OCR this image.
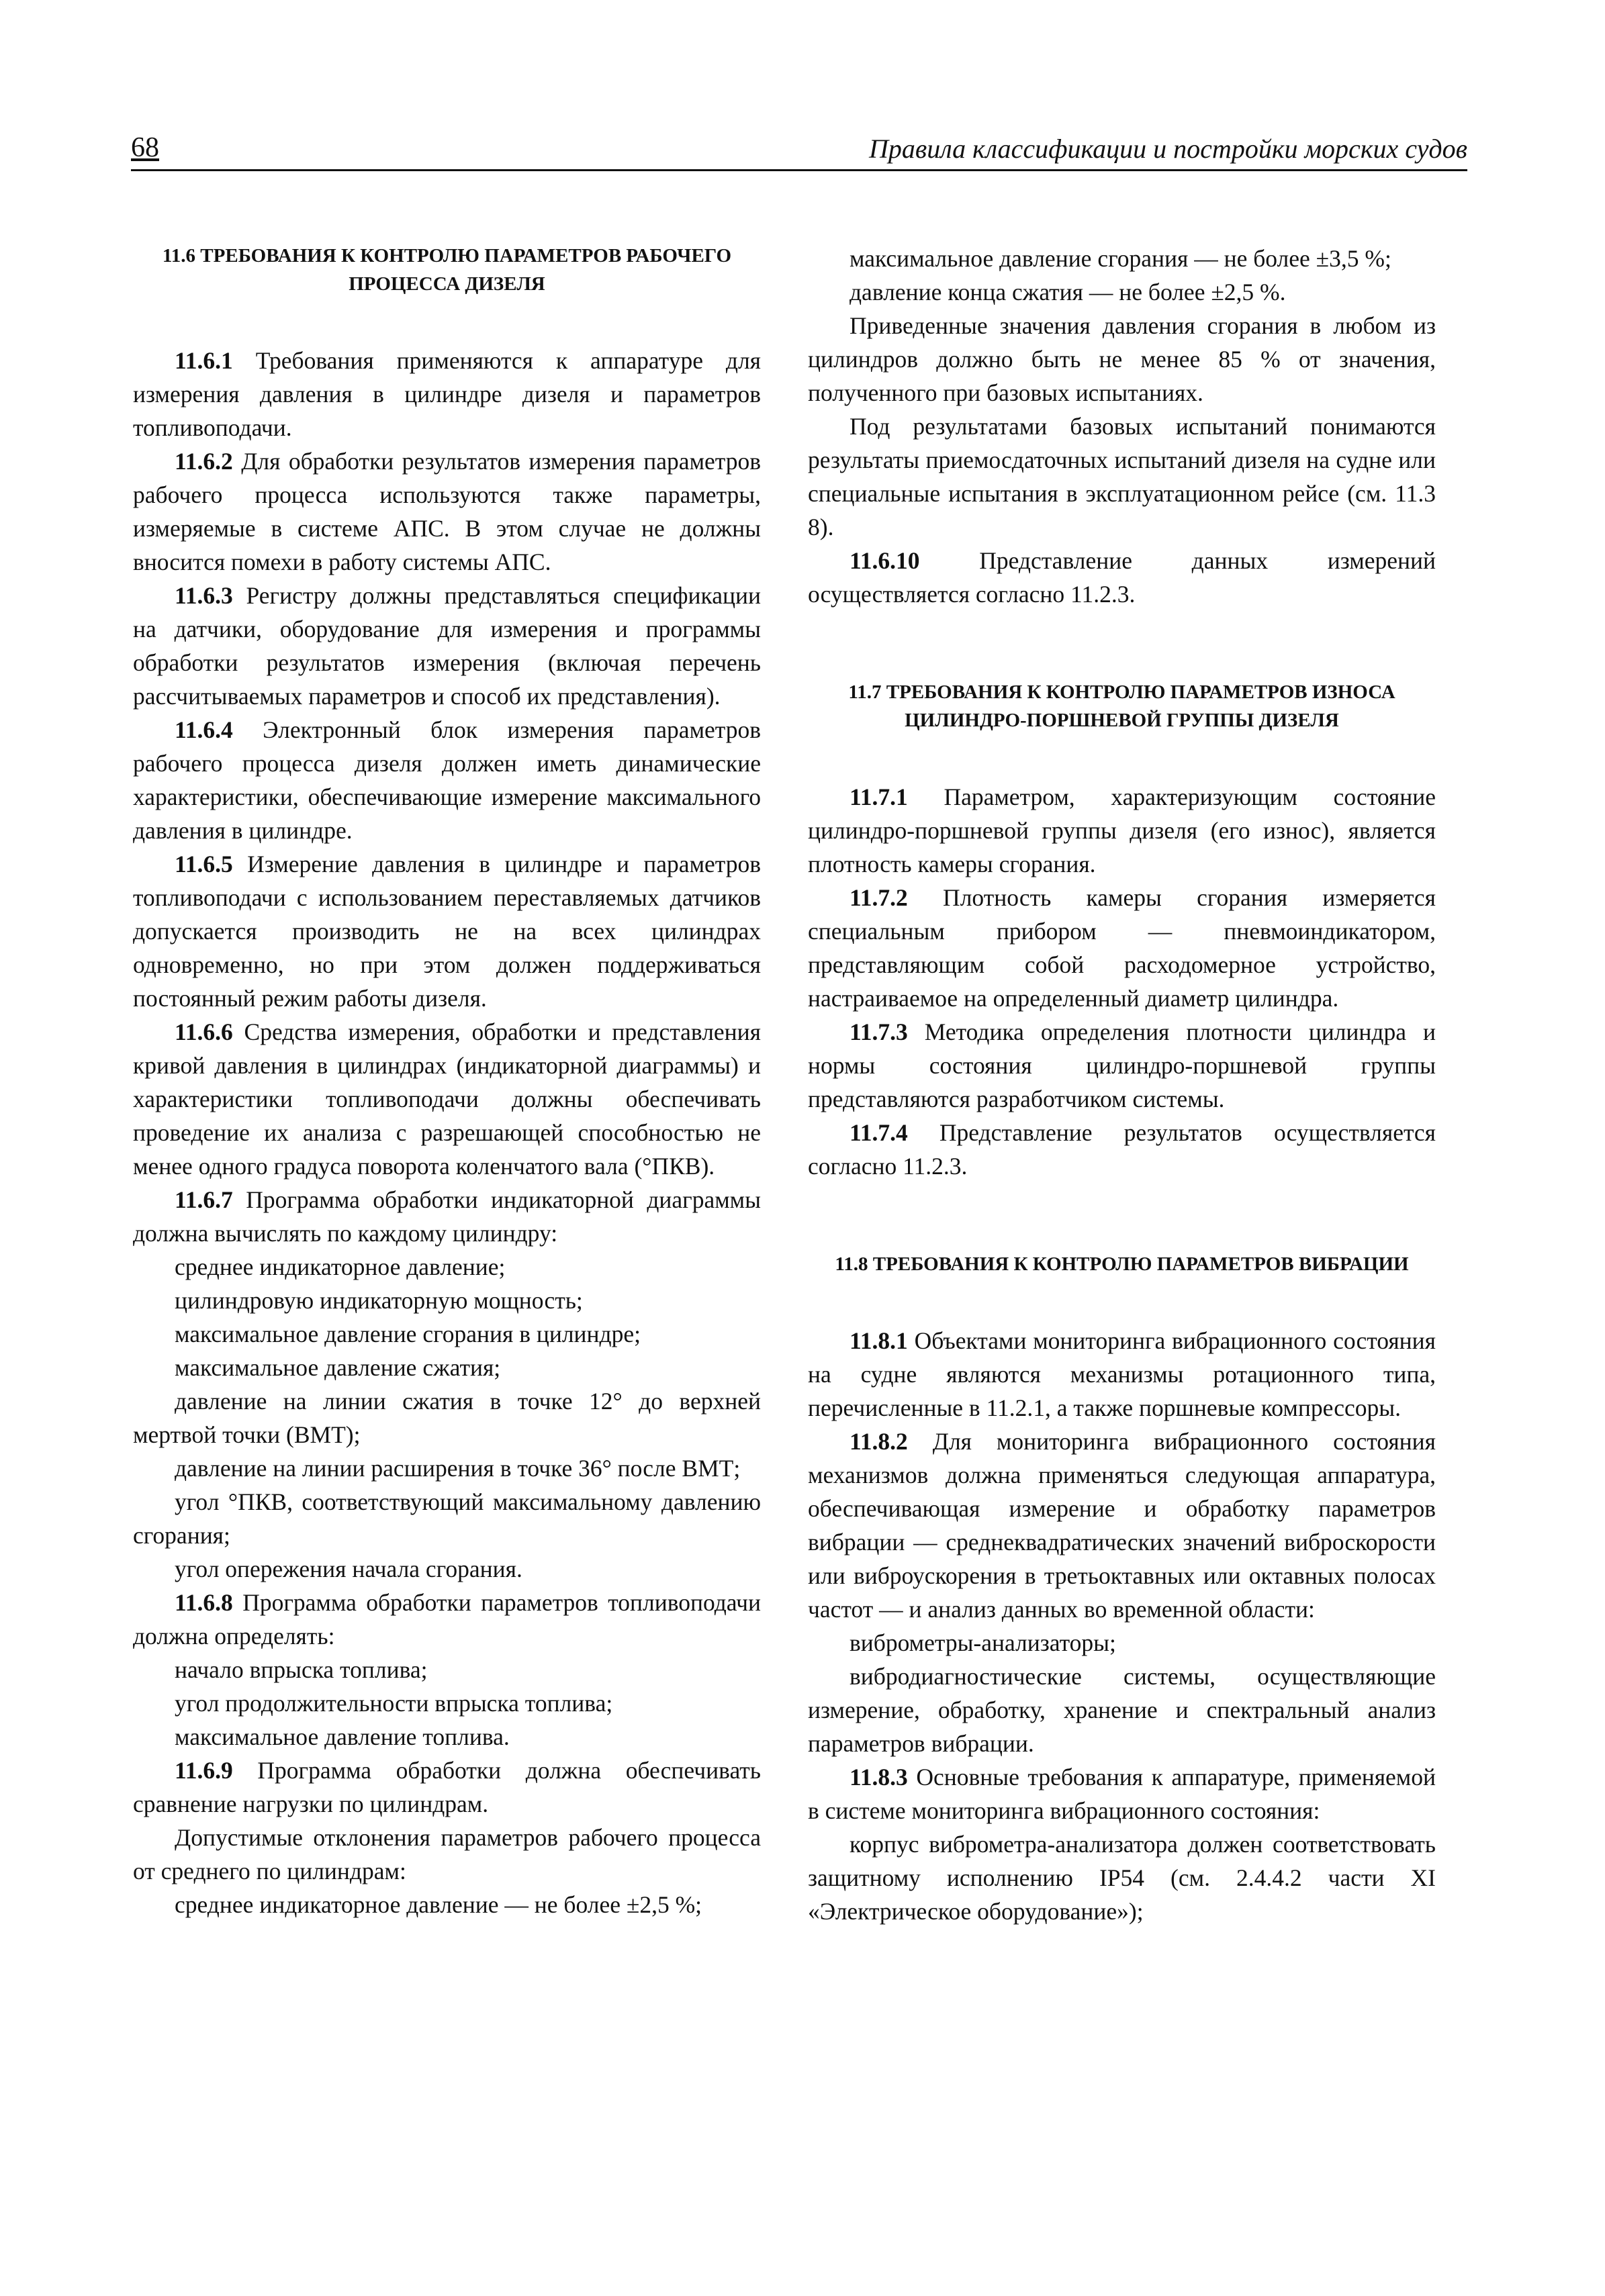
68	Правила классификации и постройки морских судов
11.6 ТРЕБОВАНИЯ К КОНТРОЛЮ ПАРАМЕТРОВ РАБОЧЕГО ПРОЦЕССА ДИЗЕЛЯ

11.6.1 Требования применяются к аппаратуре для измерения давления в цилиндре дизеля и параметров топливоподачи.

11.6.2 Для обработки результатов измерения параметров рабочего процесса используются также параметры, измеряемые в системе АПС. В этом случае не должны вносится помехи в работу системы АПС.

11.6.3 Регистру должны представляться спецификации на датчики, оборудование для измерения и программы обработки результатов измерения (включая перечень рассчитываемых параметров и способ их представления).

11.6.4 Электронный блок измерения параметров рабочего процесса дизеля должен иметь динамические характеристики, обеспечивающие измерение максимального давления в цилиндре.

11.6.5 Измерение давления в цилиндре и параметров топливоподачи с использованием переставляемых датчиков допускается производить не на всех цилиндрах одновременно, но при этом должен поддерживаться постоянный режим работы дизеля.

11.6.6 Средства измерения, обработки и представления кривой давления в цилиндрах (индикаторной диаграммы) и характеристики топливоподачи должны обеспечивать проведение их анализа с разрешающей способностью не менее одного градуса поворота коленчатого вала (°ПКВ).

11.6.7 Программа обработки индикаторной диаграммы должна вычислять по каждому цилиндру:

среднее индикаторное давление;

цилиндровую индикаторную мощность;

максимальное давление сгорания в цилиндре;

максимальное давление сжатия;

давление на линии сжатия в точке 12° до верхней мертвой точки (ВМТ);

давление на линии расширения в точке 36° после ВМТ;

угол °ПКВ, соответствующий максимальному давлению сгорания;

угол опережения начала сгорания.

11.6.8 Программа обработки параметров топливоподачи должна определять:

начало впрыска топлива;

угол продолжительности впрыска топлива;

максимальное давление топлива.

11.6.9 Программа обработки должна обеспечивать сравнение нагрузки по цилиндрам.

Допустимые отклонения параметров рабочего процесса от среднего по цилиндрам:

среднее индикаторное давление — не более ±2,5 %;

максимальное давление сгорания — не более ±3,5 %;

давление конца сжатия — не более ±2,5 %.

Приведенные значения давления сгорания в любом из цилиндров должно быть не менее 85 % от значения, полученного при базовых испытаниях.

Под результатами базовых испытаний понимаются результаты приемосдаточных испытаний дизеля на судне или специальные испытания в эксплуатационном рейсе (см. 11.3 8).

11.6.10 Представление данных измерений осуществляется согласно 11.2.3.

11.7 ТРЕБОВАНИЯ К КОНТРОЛЮ ПАРАМЕТРОВ ИЗНОСА ЦИЛИНДРО-ПОРШНЕВОЙ ГРУППЫ ДИЗЕЛЯ

11.7.1 Параметром, характеризующим состояние цилиндро-поршневой группы дизеля (его износ), является плотность камеры сгорания.

11.7.2 Плотность камеры сгорания измеряется специальным прибором — пневмоиндикатором, представляющим собой расходомерное устройство, настраиваемое на определенный диаметр цилиндра.

11.7.3 Методика определения плотности цилиндра и нормы состояния цилиндро-поршневой группы представляются разработчиком системы.

11.7.4 Представление результатов осуществляется согласно 11.2.3.

11.8 ТРЕБОВАНИЯ К КОНТРОЛЮ ПАРАМЕТРОВ ВИБРАЦИИ

11.8.1 Объектами мониторинга вибрационного состояния на судне являются механизмы ротационного типа, перечисленные в 11.2.1, а также поршневые компрессоры.

11.8.2 Для мониторинга вибрационного состояния механизмов должна применяться следующая аппаратура, обеспечивающая измерение и обработку параметров вибрации — среднеквадратических значений виброскорости или виброускорения в третьоктавных или октавных полосах частот — и анализ данных во временной области:

виброметры-анализаторы;

вибродиагностические системы, осуществляющие измерение, обработку, хранение и спектральный анализ параметров вибрации.

11.8.3 Основные требования к аппаратуре, применяемой в системе мониторинга вибрационного состояния:

корпус виброметра-анализатора должен соответствовать защитному исполнению IP54 (см. 2.4.4.2 части XI «Электрическое оборудование»);
